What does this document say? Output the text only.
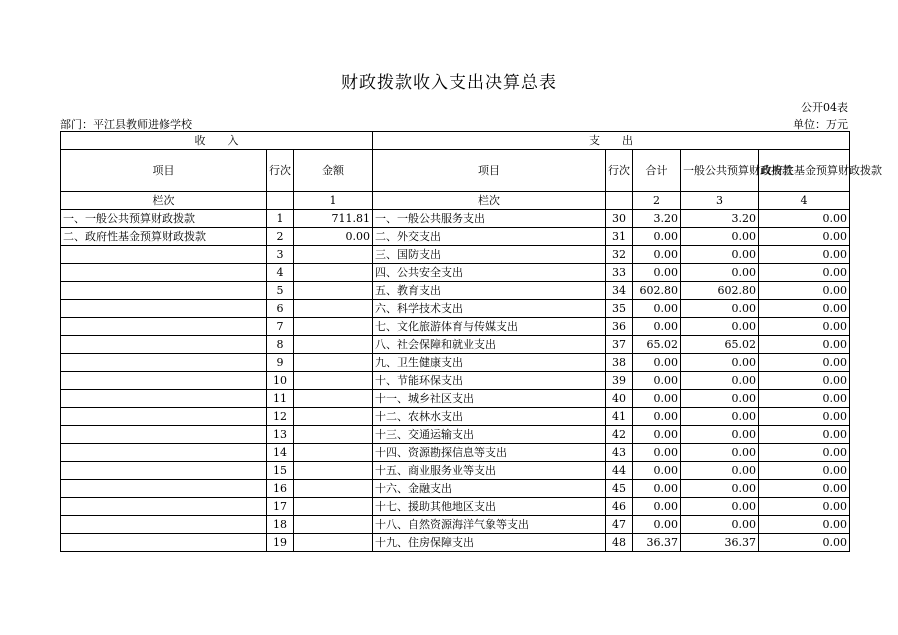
财政拨款收入支出决算总表
公开04表
部门：平江县教师进修学校	单位：万元
收　　入			支　　出				
项目	行次	金额	项目	行次	合计	一般公共预算财政拨款	政府性基金预算财政拨款
栏次		1	栏次		2	3	4
一、一般公共预算财政拨款	1	711.81	一、一般公共服务支出	30	3.20	3.20	0.00
二、政府性基金预算财政拨款	2	0.00	二、外交支出	31	0.00	0.00	0.00
	3		三、国防支出	32	0.00	0.00	0.00
	4		四、公共安全支出	33	0.00	0.00	0.00
	5		五、教育支出	34	602.80	602.80	0.00
	6		六、科学技术支出	35	0.00	0.00	0.00
	7		七、文化旅游体育与传媒支出	36	0.00	0.00	0.00
	8		八、社会保障和就业支出	37	65.02	65.02	0.00
	9		九、卫生健康支出	38	0.00	0.00	0.00
	10		十、节能环保支出	39	0.00	0.00	0.00
	11		十一、城乡社区支出	40	0.00	0.00	0.00
	12		十二、农林水支出	41	0.00	0.00	0.00
	13		十三、交通运输支出	42	0.00	0.00	0.00
	14		十四、资源勘探信息等支出	43	0.00	0.00	0.00
	15		十五、商业服务业等支出	44	0.00	0.00	0.00
	16		十六、金融支出	45	0.00	0.00	0.00
	17		十七、援助其他地区支出	46	0.00	0.00	0.00
	18		十八、自然资源海洋气象等支出	47	0.00	0.00	0.00
	19		十九、住房保障支出	48	36.37	36.37	0.00
